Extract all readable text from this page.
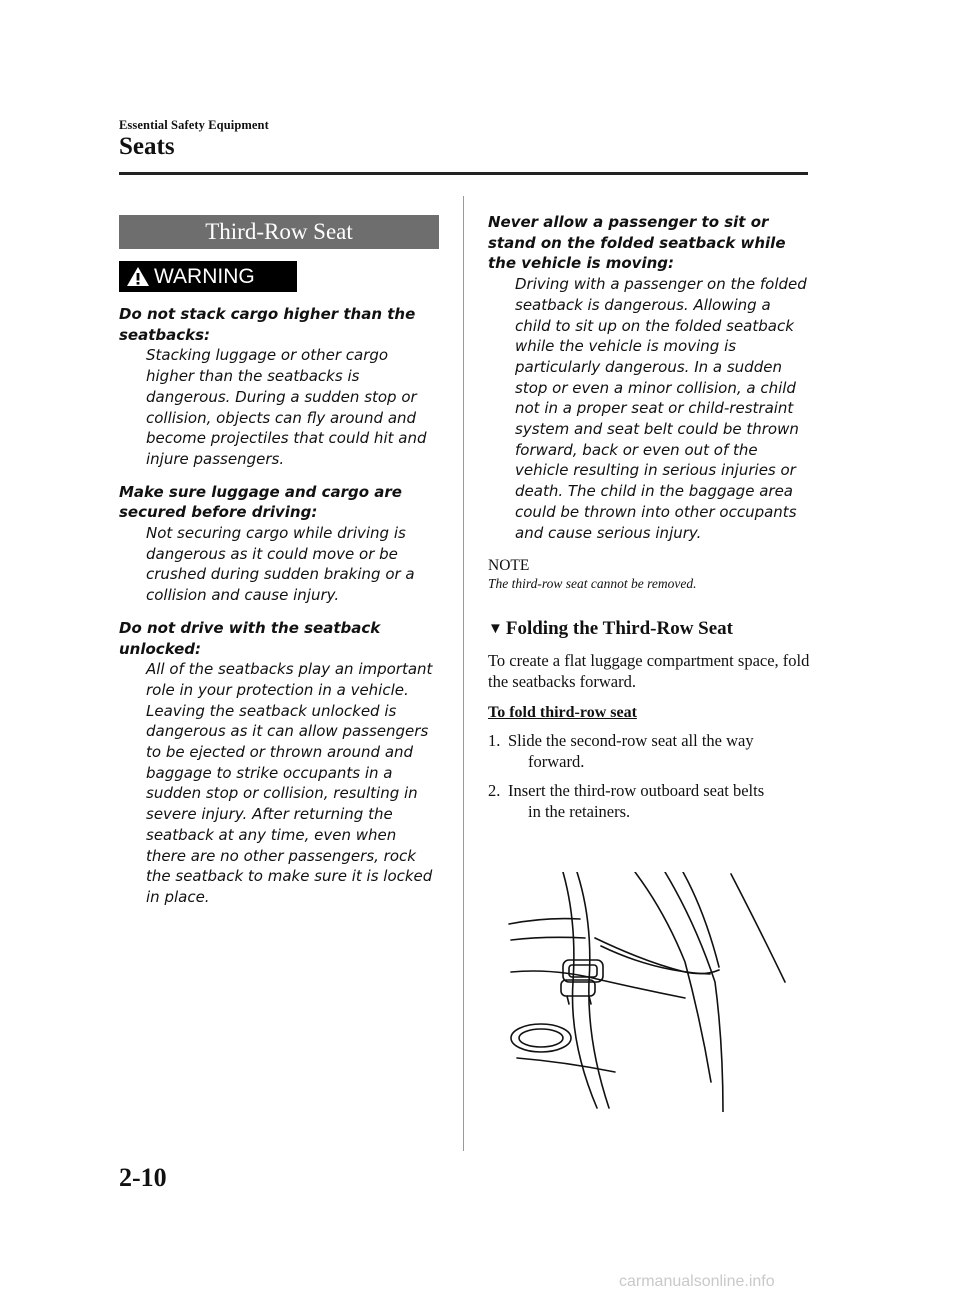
Essential Safety Equipment
Seats
Third-Row Seat
WARNING
Do not stack cargo higher than the seatbacks:
Stacking luggage or other cargo higher than the seatbacks is dangerous. During a sudden stop or collision, objects can fly around and become projectiles that could hit and injure passengers.
Make sure luggage and cargo are secured before driving:
Not securing cargo while driving is dangerous as it could move or be crushed during sudden braking or a collision and cause injury.
Do not drive with the seatback unlocked:
All of the seatbacks play an important role in your protection in a vehicle. Leaving the seatback unlocked is dangerous as it can allow passengers to be ejected or thrown around and baggage to strike occupants in a sudden stop or collision, resulting in severe injury. After returning the seatback at any time, even when there are no other passengers, rock the seatback to make sure it is locked in place.
Never allow a passenger to sit or stand on the folded seatback while the vehicle is moving:
Driving with a passenger on the folded seatback is dangerous. Allowing a child to sit up on the folded seatback while the vehicle is moving is particularly dangerous. In a sudden stop or even a minor collision, a child not in a proper seat or child-restraint system and seat belt could be thrown forward, back or even out of the vehicle resulting in serious injuries or death. The child in the baggage area could be thrown into other occupants and cause serious injury.
NOTE
The third-row seat cannot be removed.
▼ Folding the Third-Row Seat
To create a flat luggage compartment space, fold the seatbacks forward.
To fold third-row seat
1. Slide the second-row seat all the way
forward.
2. Insert the third-row outboard seat belts
in the retainers.
2-10
carmanualsonline.info
